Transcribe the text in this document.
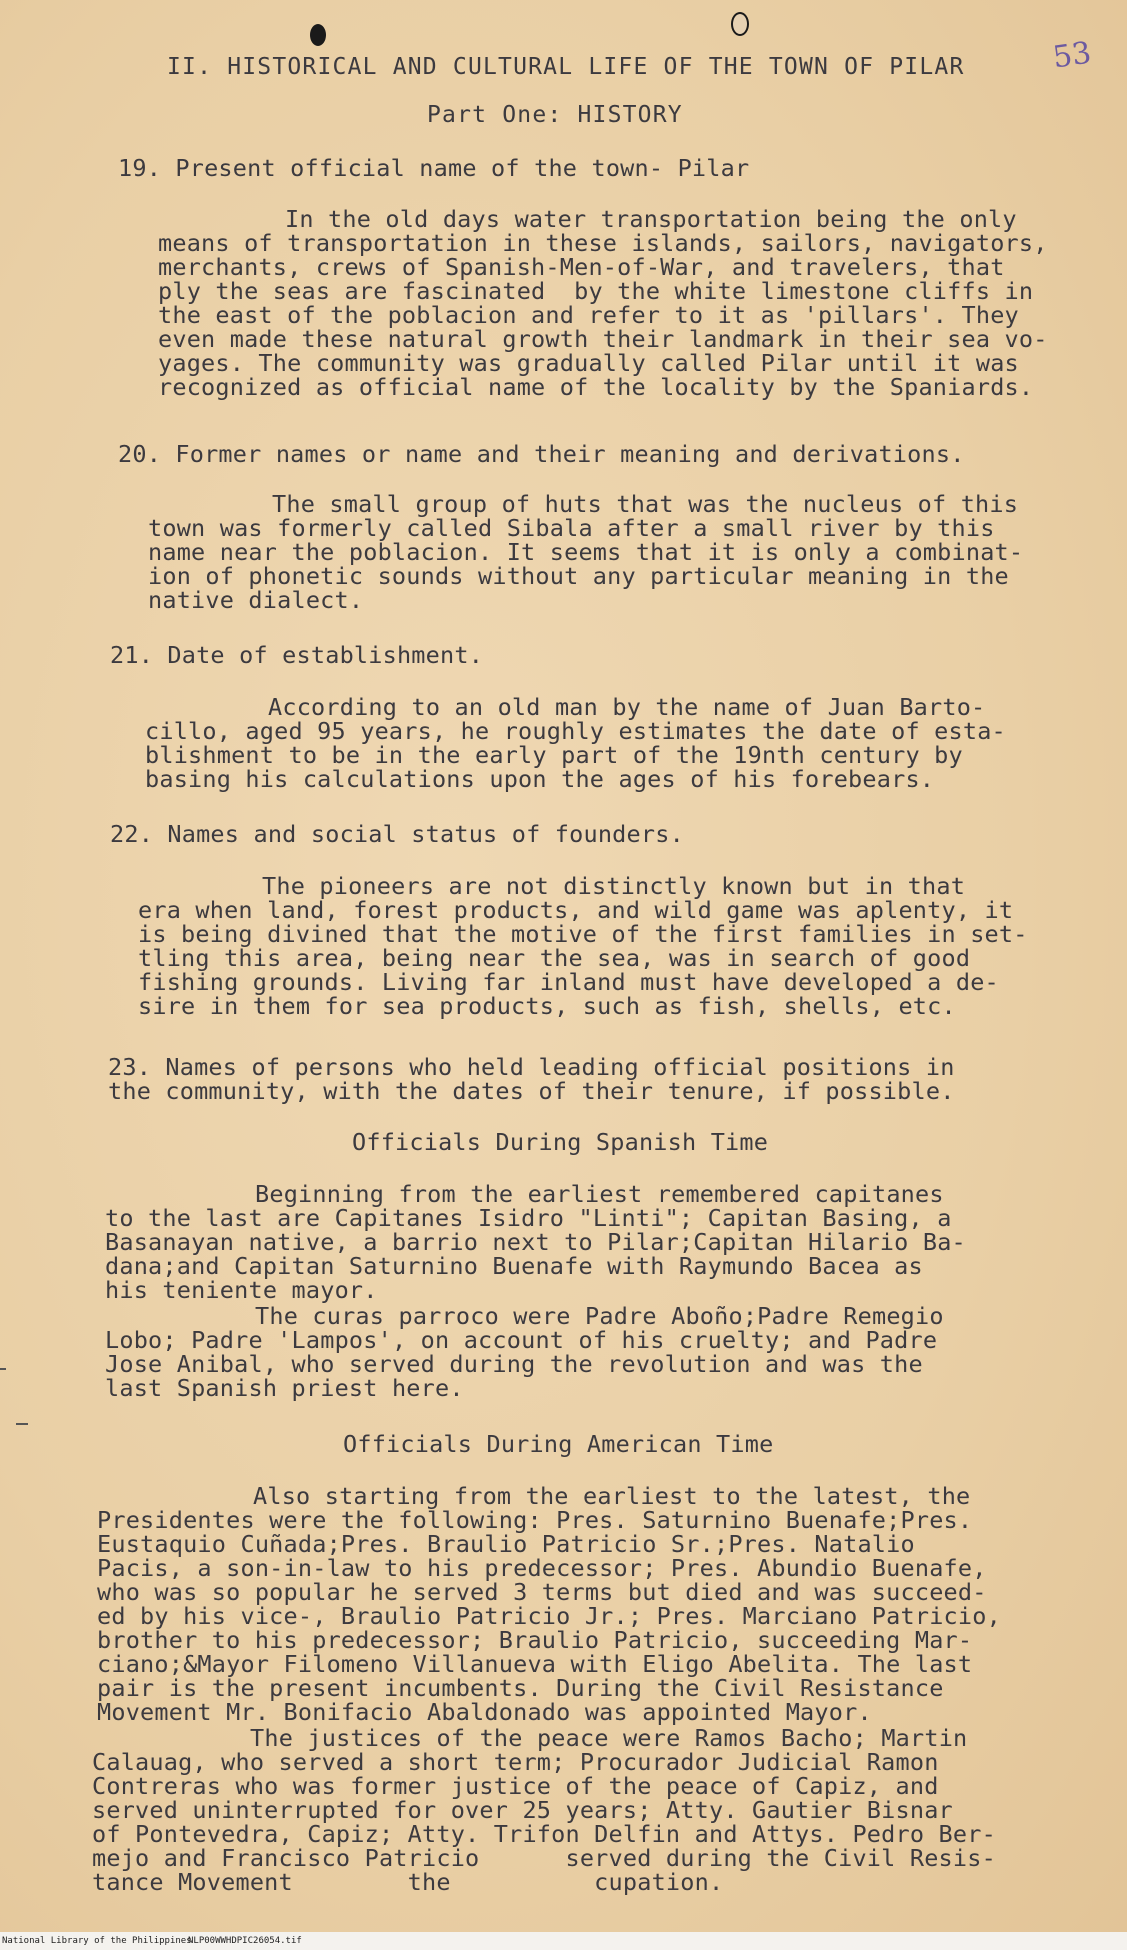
53
II. HISTORICAL AND CULTURAL LIFE OF THE TOWN OF PILAR
Part One: HISTORY
19. Present official name of the town- Pilar
In the old days water transportation being the only
means of transportation in these islands, sailors, navigators,
merchants, crews of Spanish-Men-of-War, and travelers, that
ply the seas are fascinated  by the white limestone cliffs in
the east of the poblacion and refer to it as 'pillars'. They
even made these natural growth their landmark in their sea vo-
yages. The community was gradually called Pilar until it was
recognized as official name of the locality by the Spaniards.
20. Former names or name and their meaning and derivations.
The small group of huts that was the nucleus of this
town was formerly called Sibala after a small river by this
name near the poblacion. It seems that it is only a combinat-
ion of phonetic sounds without any particular meaning in the
native dialect.
21. Date of establishment.
According to an old man by the name of Juan Barto-
cillo, aged 95 years, he roughly estimates the date of esta-
blishment to be in the early part of the 19nth century by
basing his calculations upon the ages of his forebears.
22. Names and social status of founders.
The pioneers are not distinctly known but in that
era when land, forest products, and wild game was aplenty, it
is being divined that the motive of the first families in set-
tling this area, being near the sea, was in search of good
fishing grounds. Living far inland must have developed a de-
sire in them for sea products, such as fish, shells, etc.
23. Names of persons who held leading official positions in
the community, with the dates of their tenure, if possible.
Officials During Spanish Time
Beginning from the earliest remembered capitanes
to the last are Capitanes Isidro "Linti"; Capitan Basing, a
Basanayan native, a barrio next to Pilar;Capitan Hilario Ba-
dana;and Capitan Saturnino Buenafe with Raymundo Bacea as
his teniente mayor.
The curas parroco were Padre Aboño;Padre Remegio
Lobo; Padre 'Lampos', on account of his cruelty; and Padre
Jose Anibal, who served during the revolution and was the
last Spanish priest here.
Officials During American Time
Also starting from the earliest to the latest, the
Presidentes were the following: Pres. Saturnino Buenafe;Pres.
Eustaquio Cuñada;Pres. Braulio Patricio Sr.;Pres. Natalio
Pacis, a son-in-law to his predecessor; Pres. Abundio Buenafe,
who was so popular he served 3 terms but died and was succeed-
ed by his vice-, Braulio Patricio Jr.; Pres. Marciano Patricio,
brother to his predecessor; Braulio Patricio, succeeding Mar-
ciano;&Mayor Filomeno Villanueva with Eligo Abelita. The last
pair is the present incumbents. During the Civil Resistance
Movement Mr. Bonifacio Abaldonado was appointed Mayor.
The justices of the peace were Ramos Bacho; Martin
Calauag, who served a short term; Procurador Judicial Ramon
Contreras who was former justice of the peace of Capiz, and
served uninterrupted for over 25 years; Atty. Gautier Bisnar
of Pontevedra, Capiz; Atty. Trifon Delfin and Attys. Pedro Ber-
mejo and Francisco Patricio      served during the Civil Resis-
tance Movement        the          cupation.
National Library of the Philippines
NLP00WWHDPIC26054.tif
